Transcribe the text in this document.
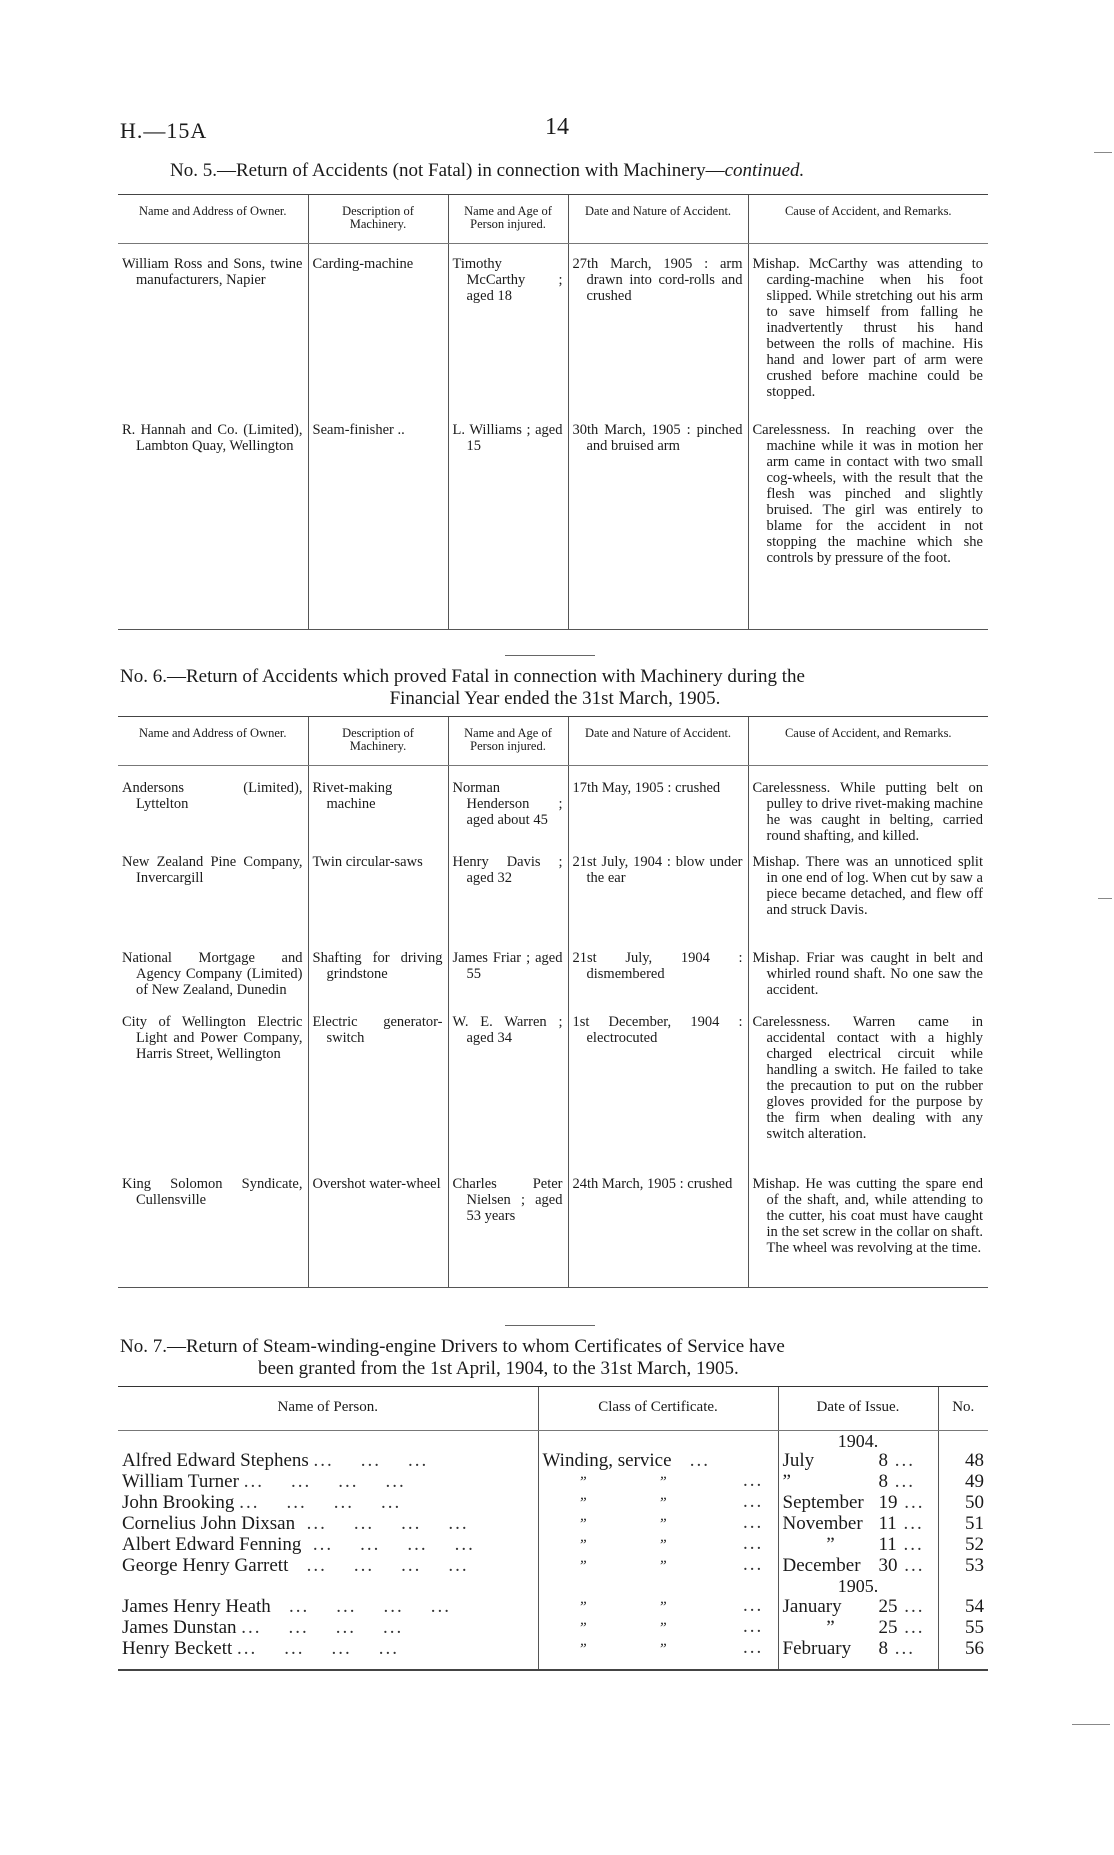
H.—15A	14
No. 5.—Return of Accidents (not Fatal) in connection with Machinery—continued.
Name and Address of Owner.	Description of Machinery.	Name and Age of Person injured.	Date and Nature of Accident.	Cause of Accident, and Remarks.
William Ross and Sons, twine manufacturers, Napier	Carding-machine	Timothy McCarthy ; aged 18	27th March, 1905 : arm drawn into cord-rolls and crushed	Mishap. McCarthy was attending to carding-machine when his foot slipped. While stretching out his arm to save himself from falling he inadvertently thrust his hand between the rolls of machine. His hand and lower part of arm were crushed before machine could be stopped.
R. Hannah and Co. (Limited), Lambton Quay, Wellington	Seam-finisher ..	L. Williams ; aged 15	30th March, 1905 : pinched and bruised arm	Carelessness. In reaching over the machine while it was in motion her arm came in contact with two small cog-wheels, with the result that the flesh was pinched and slightly bruised. The girl was entirely to blame for the accident in not stopping the machine which she controls by pressure of the foot.
No. 6.—Return of Accidents which proved Fatal in connection with Machinery during the
Financial Year ended the 31st March, 1905.
Name and Address of Owner.	Description of Machinery.	Name and Age of Person injured.	Date and Nature of Accident.	Cause of Accident, and Remarks.
Andersons (Limited), Lyttelton	Rivet-making machine	Norman Henderson ; aged about 45	17th May, 1905 : crushed	Carelessness. While putting belt on pulley to drive rivet-making machine he was caught in belting, carried round shafting, and killed.
New Zealand Pine Company, Invercargill	Twin circular-saws	Henry Davis ; aged 32	21st July, 1904 : blow under the ear	Mishap. There was an unnoticed split in one end of log. When cut by saw a piece became detached, and flew off and struck Davis.
National Mortgage and Agency Company (Limited) of New Zealand, Dunedin	Shafting for driving grindstone	James Friar ; aged 55	21st July, 1904 : dismembered	Mishap. Friar was caught in belt and whirled round shaft. No one saw the accident.
City of Wellington Electric Light and Power Company, Harris Street, Wellington	Electric generator-switch	W. E. Warren ; aged 34	1st December, 1904 : electrocuted	Carelessness. Warren came in accidental contact with a highly charged electrical circuit while handling a switch. He failed to take the precaution to put on the rubber gloves provided for the purpose by the firm when dealing with any switch alteration.
King Solomon Syndicate, Cullensville	Overshot water-wheel	Charles Peter Nielsen ; aged 53 years	24th March, 1905 : crushed	Mishap. He was cutting the spare end of the shaft, and, while attending to the cutter, his coat must have caught in the set screw in the collar on shaft. The wheel was revolving at the time.
No. 7.—Return of Steam-winding-engine Drivers to whom Certificates of Service have
been granted from the 1st April, 1904, to the 31st March, 1905.
Name of Person.	Class of Certificate.	Date of Issue.	No.
		1904.	
Alfred Edward Stephens ...    ...    ...	Winding, service   ...	July 8 ...	48
William Turner ...    ...    ...    ...	” ”      ...	” 8 ...	49
John Brooking ...    ...    ...    ...	” ”      ...	September 19 ...	50
Cornelius John Dixsan  ...    ...    ...    ...	” ”      ...	November 11 ...	51
Albert Edward Fenning  ...    ...    ...    ...	” ”      ...	” 11 ...	52
George Henry Garrett   ...    ...    ...    ...	” ”      ...	December 30 ...	53
		1905.	
James Henry Heath   ...    ...    ...    ...	” ”      ...	January 25 ...	54
James Dunstan ...    ...    ...    ...	” ”      ...	” 25 ...	55
Henry Beckett ...    ...    ...    ...	” ”      ...	February 8 ...	56
